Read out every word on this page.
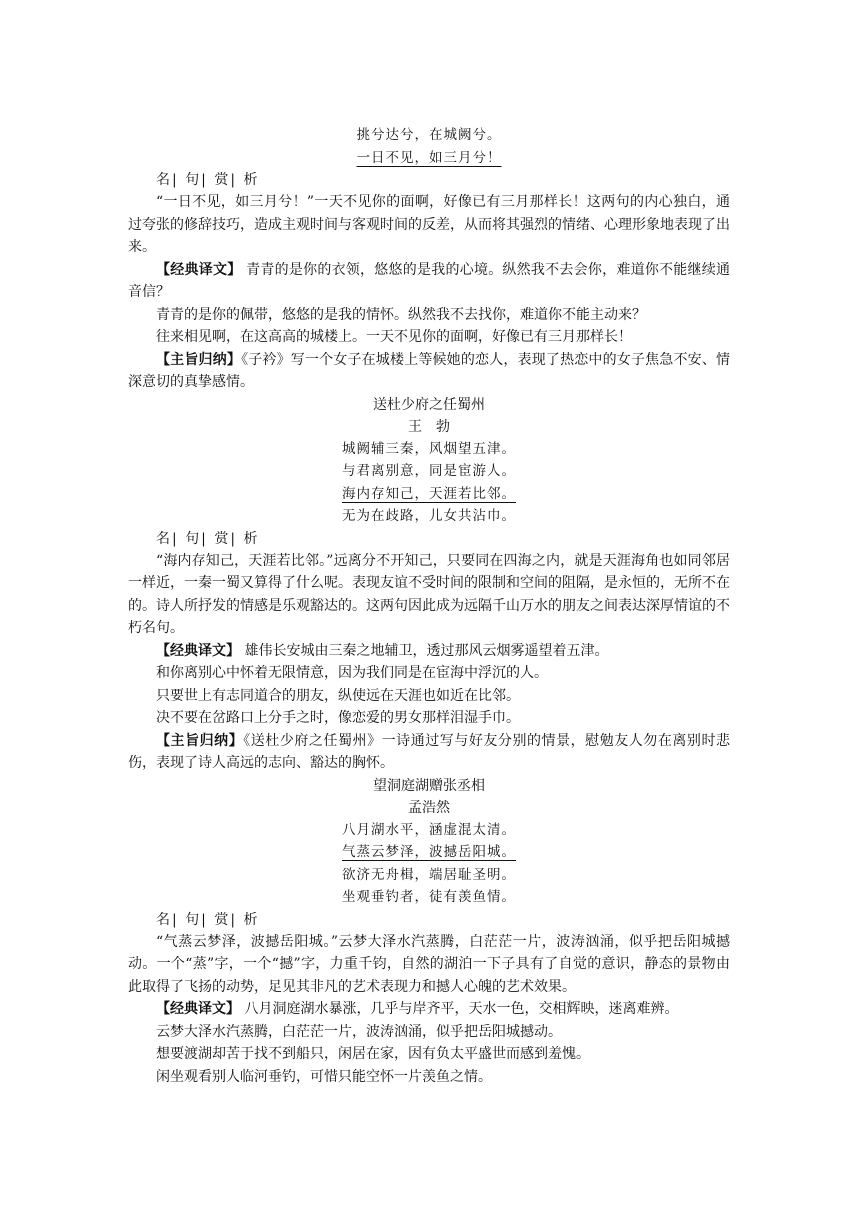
挑兮达兮，在城阙兮。
一日不见，如三月兮！
名| 句| 赏| 析

“一日不见，如三月兮！”一天不见你的面啊，好像已有三月那样长！这两句的内心独白，通过夸张的修辞技巧，造成主观时间与客观时间的反差，从而将其强烈的情绪、心理形象地表现了出来。

【经典译文】 青青的是你的衣领，悠悠的是我的心境。纵然我不去会你，难道你不能继续通音信？

青青的是你的佩带，悠悠的是我的情怀。纵然我不去找你，难道你不能主动来？

往来相见啊，在这高高的城楼上。一天不见你的面啊，好像已有三月那样长！

【主旨归纳】《子衿》写一个女子在城楼上等候她的恋人，表现了热恋中的女子焦急不安、情深意切的真挚感情。

送杜少府之任蜀州
王　勃
城阙辅三秦，风烟望五津。
与君离别意，同是宦游人。
海内存知己，天涯若比邻。
无为在歧路，儿女共沾巾。
名| 句| 赏| 析

“海内存知己，天涯若比邻。”远离分不开知己，只要同在四海之内，就是天涯海角也如同邻居一样近，一秦一蜀又算得了什么呢。表现友谊不受时间的限制和空间的阻隔，是永恒的，无所不在的。诗人所抒发的情感是乐观豁达的。这两句因此成为远隔千山万水的朋友之间表达深厚情谊的不朽名句。

【经典译文】 雄伟长安城由三秦之地辅卫，透过那风云烟雾遥望着五津。

和你离别心中怀着无限情意，因为我们同是在宦海中浮沉的人。

只要世上有志同道合的朋友，纵使远在天涯也如近在比邻。

决不要在岔路口上分手之时，像恋爱的男女那样泪湿手巾。

【主旨归纳】《送杜少府之任蜀州》一诗通过写与好友分别的情景，慰勉友人勿在离别时悲伤，表现了诗人高远的志向、豁达的胸怀。

望洞庭湖赠张丞相
孟浩然
八月湖水平，涵虚混太清。
气蒸云梦泽，波撼岳阳城。
欲济无舟楫，端居耻圣明。
坐观垂钓者，徒有羡鱼情。
名| 句| 赏| 析

“气蒸云梦泽，波撼岳阳城。”云梦大泽水汽蒸腾，白茫茫一片，波涛汹涌，似乎把岳阳城撼动。一个“蒸”字，一个“撼”字，力重千钧，自然的湖泊一下子具有了自觉的意识，静态的景物由此取得了飞扬的动势，足见其非凡的艺术表现力和撼人心魄的艺术效果。

【经典译文】 八月洞庭湖水暴涨，几乎与岸齐平，天水一色，交相辉映，迷离难辨。

云梦大泽水汽蒸腾，白茫茫一片，波涛汹涌，似乎把岳阳城撼动。

想要渡湖却苦于找不到船只，闲居在家，因有负太平盛世而感到羞愧。

闲坐观看别人临河垂钓，可惜只能空怀一片羡鱼之情。
